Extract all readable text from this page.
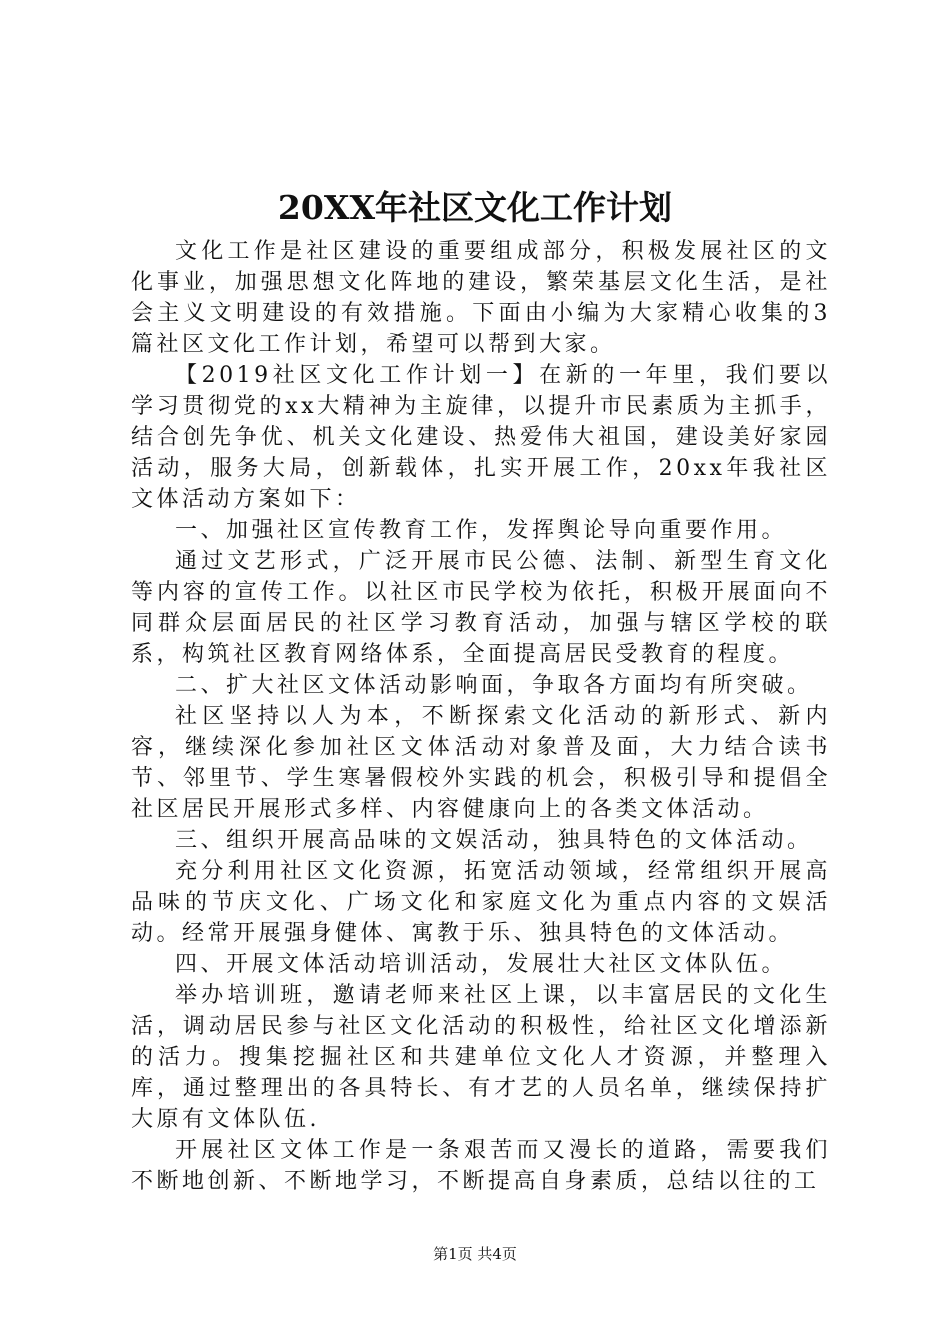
20XX年社区文化工作计划

文化工作是社区建设的重要组成部分，积极发展社区的文化事业，加强思想文化阵地的建设，繁荣基层文化生活，是社会主义文明建设的有效措施。下面由小编为大家精心收集的3篇社区文化工作计划，希望可以帮到大家。

【2019社区文化工作计划一】在新的一年里，我们要以学习贯彻党的xx大精神为主旋律，以提升市民素质为主抓手，结合创先争优、机关文化建设、热爱伟大祖国，建设美好家园活动，服务大局，创新载体，扎实开展工作，20xx年我社区文体活动方案如下：

一、加强社区宣传教育工作，发挥舆论导向重要作用。

通过文艺形式，广泛开展市民公德、法制、新型生育文化等内容的宣传工作。以社区市民学校为依托，积极开展面向不同群众层面居民的社区学习教育活动，加强与辖区学校的联系，构筑社区教育网络体系，全面提高居民受教育的程度。

二、扩大社区文体活动影响面，争取各方面均有所突破。

社区坚持以人为本，不断探索文化活动的新形式、新内容，继续深化参加社区文体活动对象普及面，大力结合读书节、邻里节、学生寒暑假校外实践的机会，积极引导和提倡全社区居民开展形式多样、内容健康向上的各类文体活动。

三、组织开展高品味的文娱活动，独具特色的文体活动。

充分利用社区文化资源，拓宽活动领域，经常组织开展高品味的节庆文化、广场文化和家庭文化为重点内容的文娱活动。经常开展强身健体、寓教于乐、独具特色的文体活动。

四、开展文体活动培训活动，发展壮大社区文体队伍。

举办培训班，邀请老师来社区上课，以丰富居民的文化生活，调动居民参与社区文化活动的积极性，给社区文化增添新的活力。搜集挖掘社区和共建单位文化人才资源，并整理入库，通过整理出的各具特长、有才艺的人员名单，继续保持扩大原有文体队伍.

开展社区文体工作是一条艰苦而又漫长的道路，需要我们不断地创新、不断地学习，不断提高自身素质，总结以往的工

第1页 共4页
